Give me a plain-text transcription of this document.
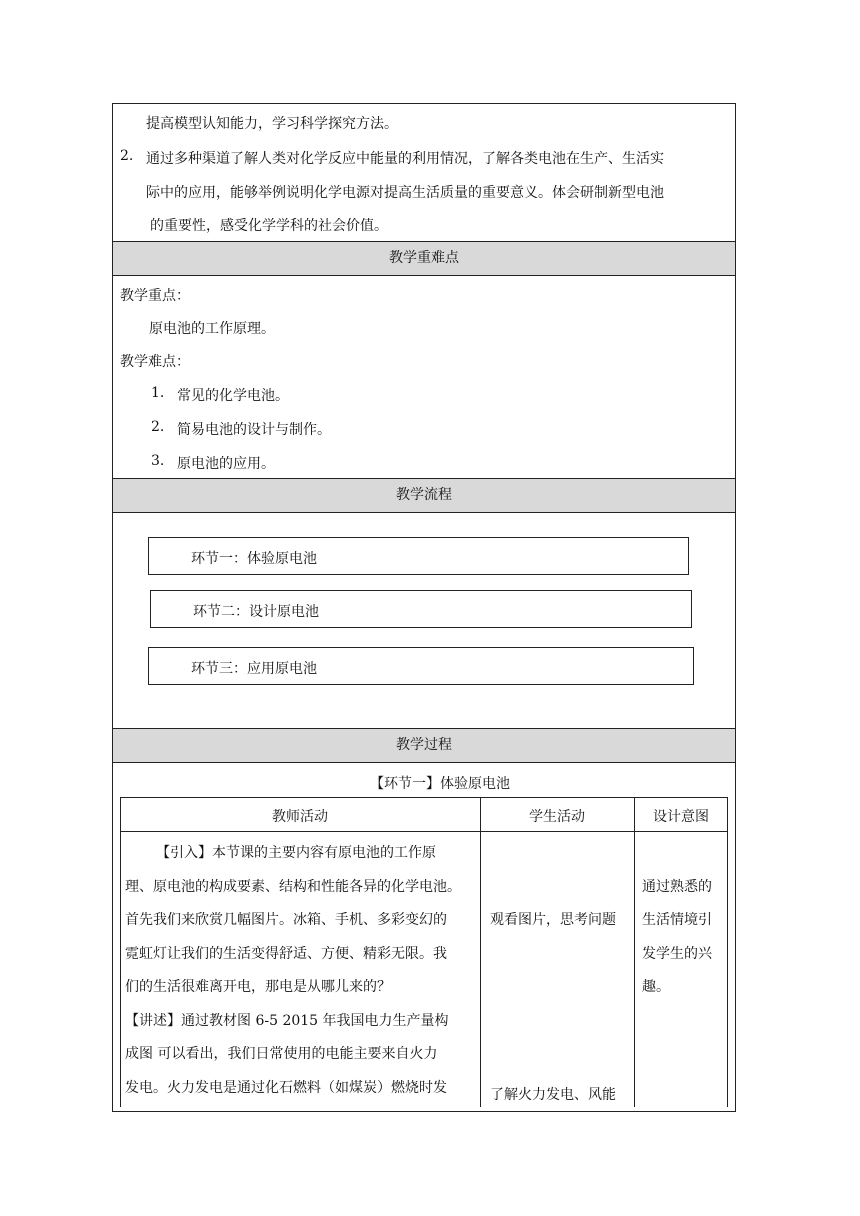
提高模型认知能力，学习科学探究方法。
2. 通过多种渠道了解人类对化学反应中能量的利用情况，了解各类电池在生产、生活实
际中的应用，能够举例说明化学电源对提高生活质量的重要意义。体会研制新型电池
的重要性，感受化学学科的社会价值。
教学重难点
教学重点：
原电池的工作原理。
教学难点：
1. 常见的化学电池。
2. 简易电池的设计与制作。
3. 原电池的应用。
教学流程
环节一：体验原电池
环节二：设计原电池
环节三：应用原电池
教学过程
【环节一】体验原电池
教师活动	学生活动	设计意图
【引入】本节课的主要内容有原电池的工作原
理、原电池的构成要素、结构和性能各异的化学电池。
首先我们来欣赏几幅图片。冰箱、手机、多彩变幻的
霓虹灯让我们的生活变得舒适、方便、精彩无限。我
们的生活很难离开电，那电是从哪儿来的？
【讲述】通过教材图 6-5 2015 年我国电力生产量构
成图 可以看出，我们日常使用的电能主要来自火力
发电。火力发电是通过化石燃料（如煤炭）燃烧时发
观看图片，思考问题
了解火力发电、风能
通过熟悉的
生活情境引
发学生的兴
趣。
